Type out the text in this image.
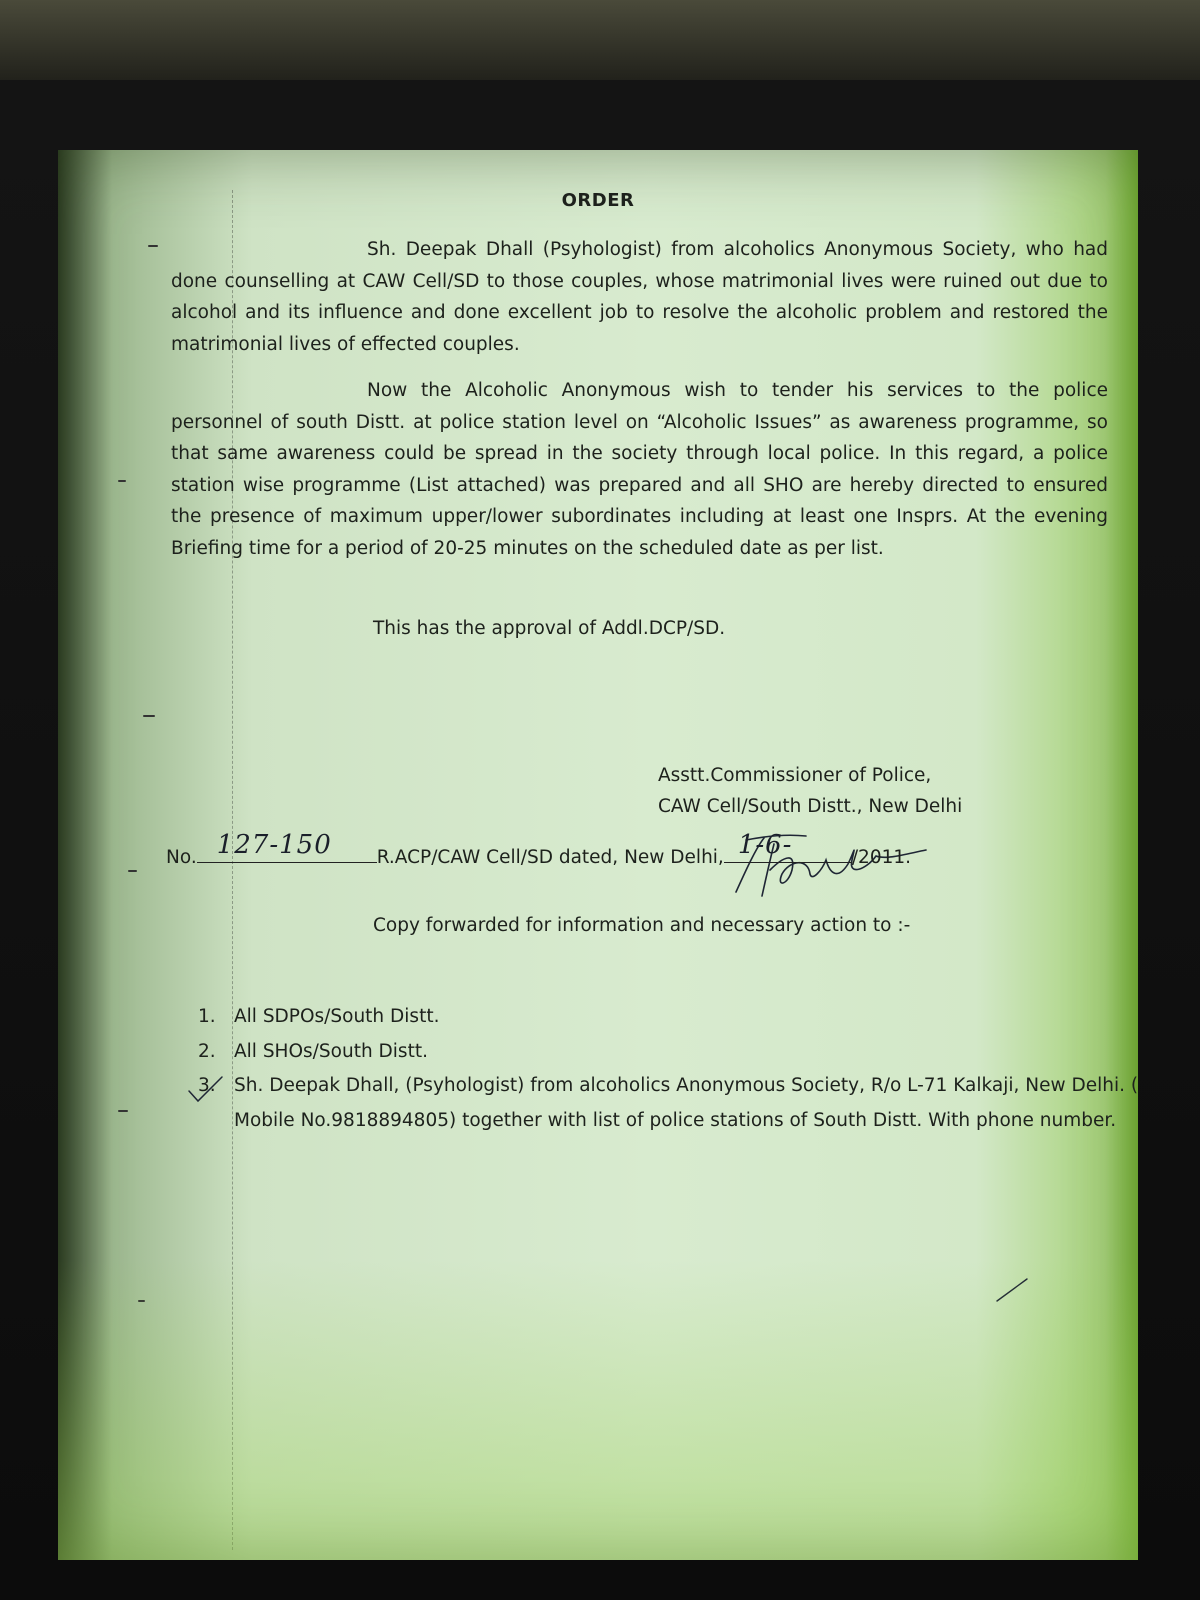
ORDER

Sh. Deepak Dhall (Psyhologist) from alcoholics Anonymous Society, who had done counselling at CAW Cell/SD to those couples, whose matrimonial lives were ruined out due to alcohol and its influence and done excellent job to resolve the alcoholic problem and restored the matrimonial lives of effected couples.

Now the Alcoholic Anonymous wish to tender his services to the police personnel of south Distt. at police station level on “Alcoholic Issues” as awareness programme, so that same awareness could be spread in the society through local police. In this regard, a police station wise programme (List attached) was prepared and all SHO are hereby directed to ensured the presence of maximum upper/lower subordinates including at least one Insprs. At the evening Briefing time for a period of 20-25 minutes on the scheduled date as per list.

This has the approval of Addl.DCP/SD.
Asstt.Commissioner of Police,
CAW Cell/South Distt., New Delhi
No. 127-150 R.ACP/CAW Cell/SD dated, New Delhi, 1-6-	/2011.
Copy forwarded for information and necessary action to :-
1. All SDPOs/South Distt.
2. All SHOs/South Distt.
3. Sh. Deepak Dhall, (Psyhologist) from alcoholics Anonymous Society, R/o L-71 Kalkaji, New Delhi. ( Mobile No.9818894805) together with list of police stations of South Distt. With phone number.
